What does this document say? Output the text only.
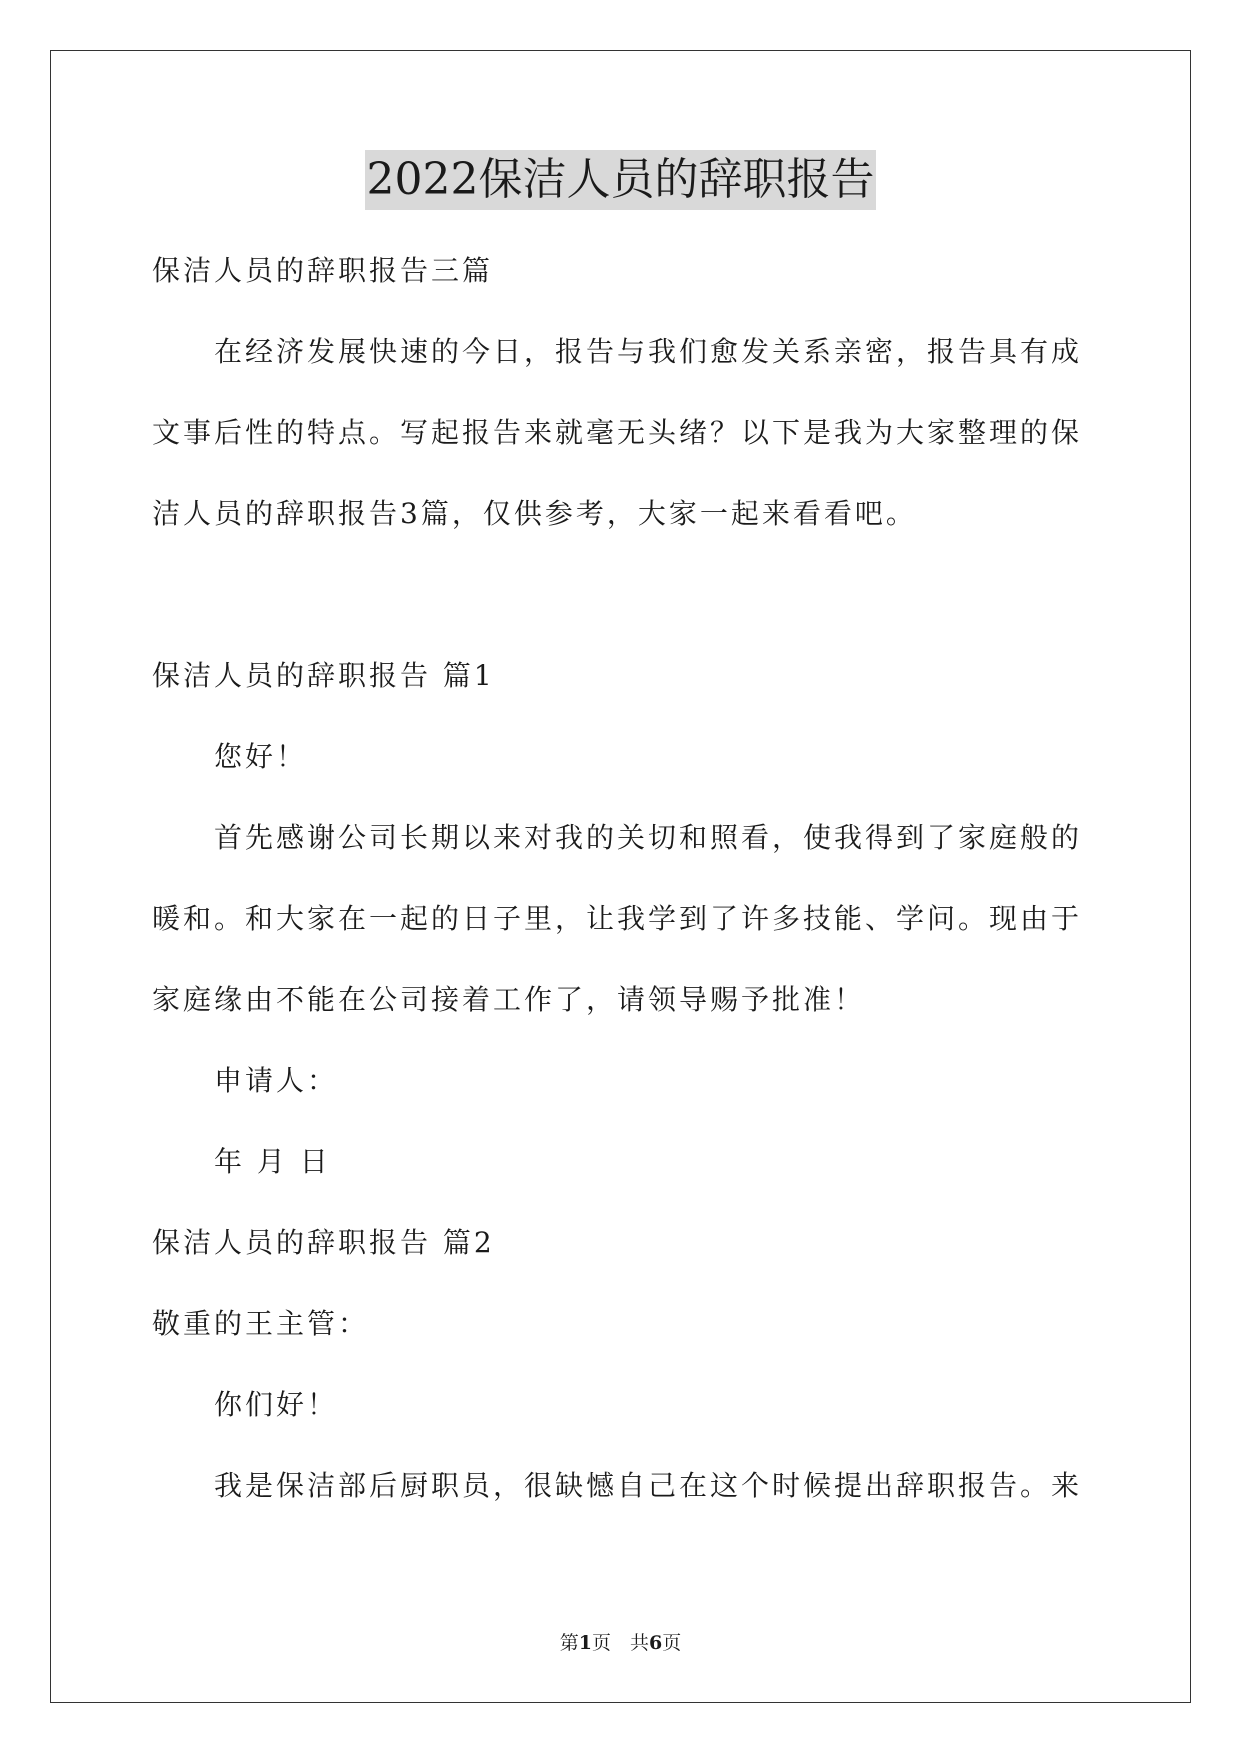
2022保洁人员的辞职报告
保洁人员的辞职报告三篇
在经济发展快速的今日，报告与我们愈发关系亲密，报告具有成
文事后性的特点。写起报告来就毫无头绪？以下是我为大家整理的保
洁人员的辞职报告3篇，仅供参考，大家一起来看看吧。
保洁人员的辞职报告 篇1
您好！
首先感谢公司长期以来对我的关切和照看，使我得到了家庭般的
暖和。和大家在一起的日子里，让我学到了许多技能、学问。现由于
家庭缘由不能在公司接着工作了，请领导赐予批准！
申请人：
年 月 日
保洁人员的辞职报告 篇2
敬重的王主管：
你们好！
我是保洁部后厨职员，很缺憾自己在这个时候提出辞职报告。来
第1页　共6页
